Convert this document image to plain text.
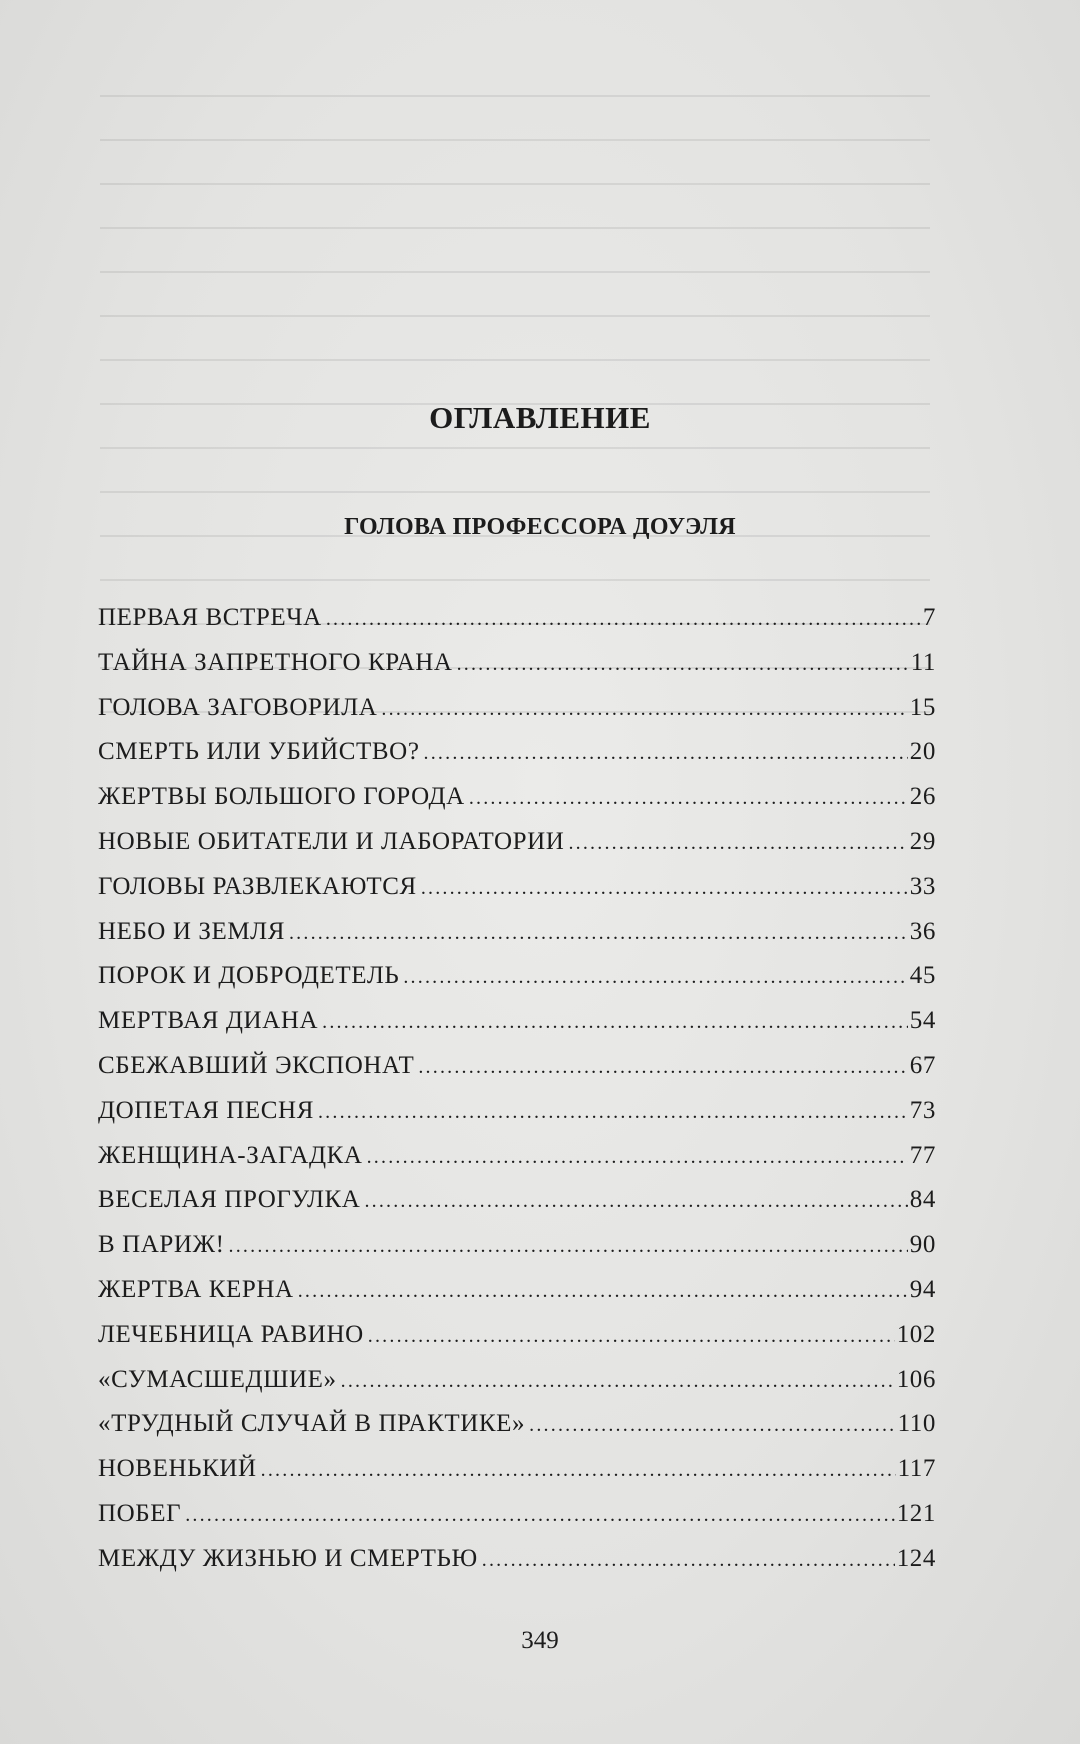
ОГЛАВЛЕНИЕ
ГОЛОВА ПРОФЕССОРА ДОУЭЛЯ
ПЕРВАЯ ВСТРЕЧА .....	7
ТАЙНА ЗАПРЕТНОГО КРАНА .....	11
ГОЛОВА ЗАГОВОРИЛА .....	15
СМЕРТЬ ИЛИ УБИЙСТВО? .....	20
ЖЕРТВЫ БОЛЬШОГО ГОРОДА .....	26
НОВЫЕ ОБИТАТЕЛИ И ЛАБОРАТОРИИ .....	29
ГОЛОВЫ РАЗВЛЕКАЮТСЯ .....	33
НЕБО И ЗЕМЛЯ .....	36
ПОРОК И ДОБРОДЕТЕЛЬ .....	45
МЕРТВАЯ ДИАНА .....	54
СБЕЖАВШИЙ ЭКСПОНАТ .....	67
ДОПЕТАЯ ПЕСНЯ .....	73
ЖЕНЩИНА-ЗАГАДКА .....	77
ВЕСЕЛАЯ ПРОГУЛКА .....	84
В ПАРИЖ! .....	90
ЖЕРТВА КЕРНА .....	94
ЛЕЧЕБНИЦА РАВИНО .....	102
«СУМАСШЕДШИЕ» .....	106
«ТРУДНЫЙ СЛУЧАЙ В ПРАКТИКЕ» .....	110
НОВЕНЬКИЙ .....	117
ПОБЕГ .....	121
МЕЖДУ ЖИЗНЬЮ И СМЕРТЬЮ .....	124
349
